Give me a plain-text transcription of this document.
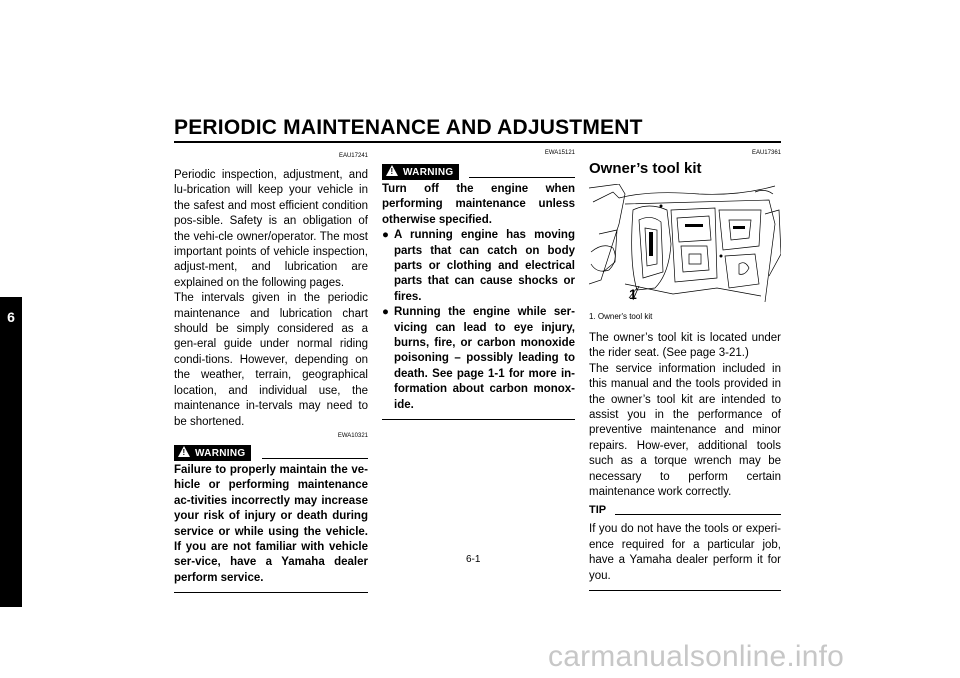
PERIODIC MAINTENANCE AND ADJUSTMENT
6
EAU17241

Periodic inspection, adjustment, and lu-brication will keep your vehicle in the safest and most efficient condition pos-sible. Safety is an obligation of the vehi-cle owner/operator. The most important points of vehicle inspection, adjust-ment, and lubrication are explained on the following pages.

The intervals given in the periodic maintenance and lubrication chart should be simply considered as a gen-eral guide under normal riding condi-tions. However, depending on the weather, terrain, geographical location, and individual use, the maintenance in-tervals may need to be shortened.

EWA10321
! WARNING

Failure to properly maintain the ve-hicle or performing maintenance ac-tivities incorrectly may increase your risk of injury or death during service or while using the vehicle. If you are not familiar with vehicle ser-vice, have a Yamaha dealer perform service.

EWA15121
! WARNING

Turn off the engine when performing maintenance unless otherwise specified.

● A running engine has moving parts that can catch on body parts or clothing and electrical parts that can cause shocks or fires.
● Running the engine while ser-vicing can lead to eye injury, burns, fire, or carbon monoxide poisoning – possibly leading to death. See page 1-1 for more in-formation about carbon monox-ide.
EAU17361
Owner’s tool kit
1
1. Owner's tool kit

The owner’s tool kit is located under the rider seat. (See page 3-21.)

The service information included in this manual and the tools provided in the owner’s tool kit are intended to assist you in the performance of preventive maintenance and minor repairs. How-ever, additional tools such as a torque wrench may be necessary to perform certain maintenance work correctly.

TIP

If you do not have the tools or experi-ence required for a particular job, have a Yamaha dealer perform it for you.

6-1
carmanualsonline.info
